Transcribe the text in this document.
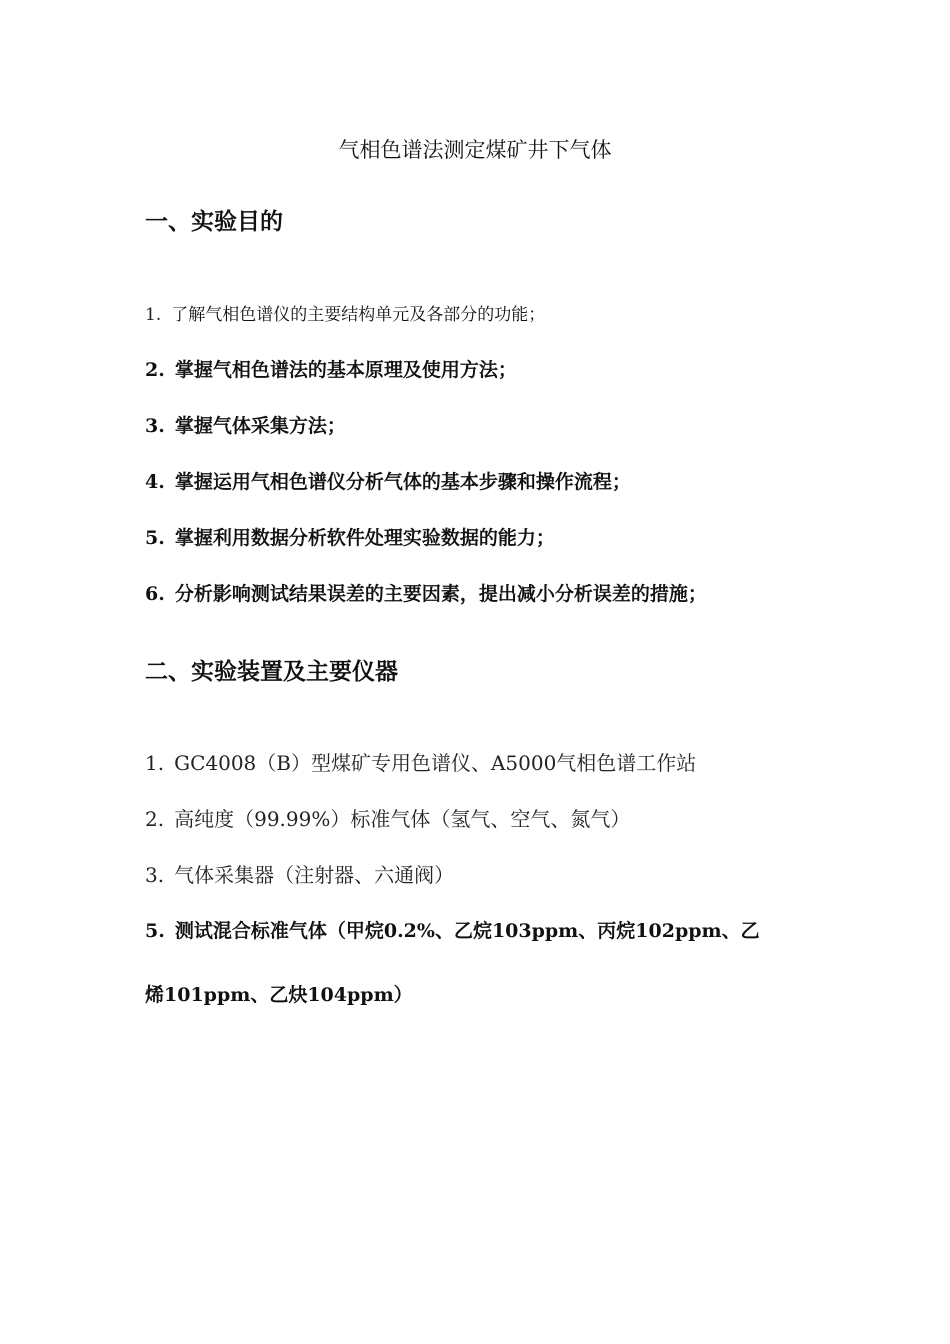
气相色谱法测定煤矿井下气体
一、实验目的
1. 了解气相色谱仪的主要结构单元及各部分的功能；
2. 掌握气相色谱法的基本原理及使用方法；
3. 掌握气体采集方法；
4. 掌握运用气相色谱仪分析气体的基本步骤和操作流程；
5. 掌握利用数据分析软件处理实验数据的能力；
6. 分析影响测试结果误差的主要因素，提出减小分析误差的措施；
二、实验装置及主要仪器
1. GC4008（B）型煤矿专用色谱仪、A5000气相色谱工作站
2. 高纯度（99.99%）标准气体（氢气、空气、氮气）
3. 气体采集器（注射器、六通阀）
5. 测试混合标准气体（甲烷0.2%、乙烷103ppm、丙烷102ppm、乙
烯101ppm、乙炔104ppm）
